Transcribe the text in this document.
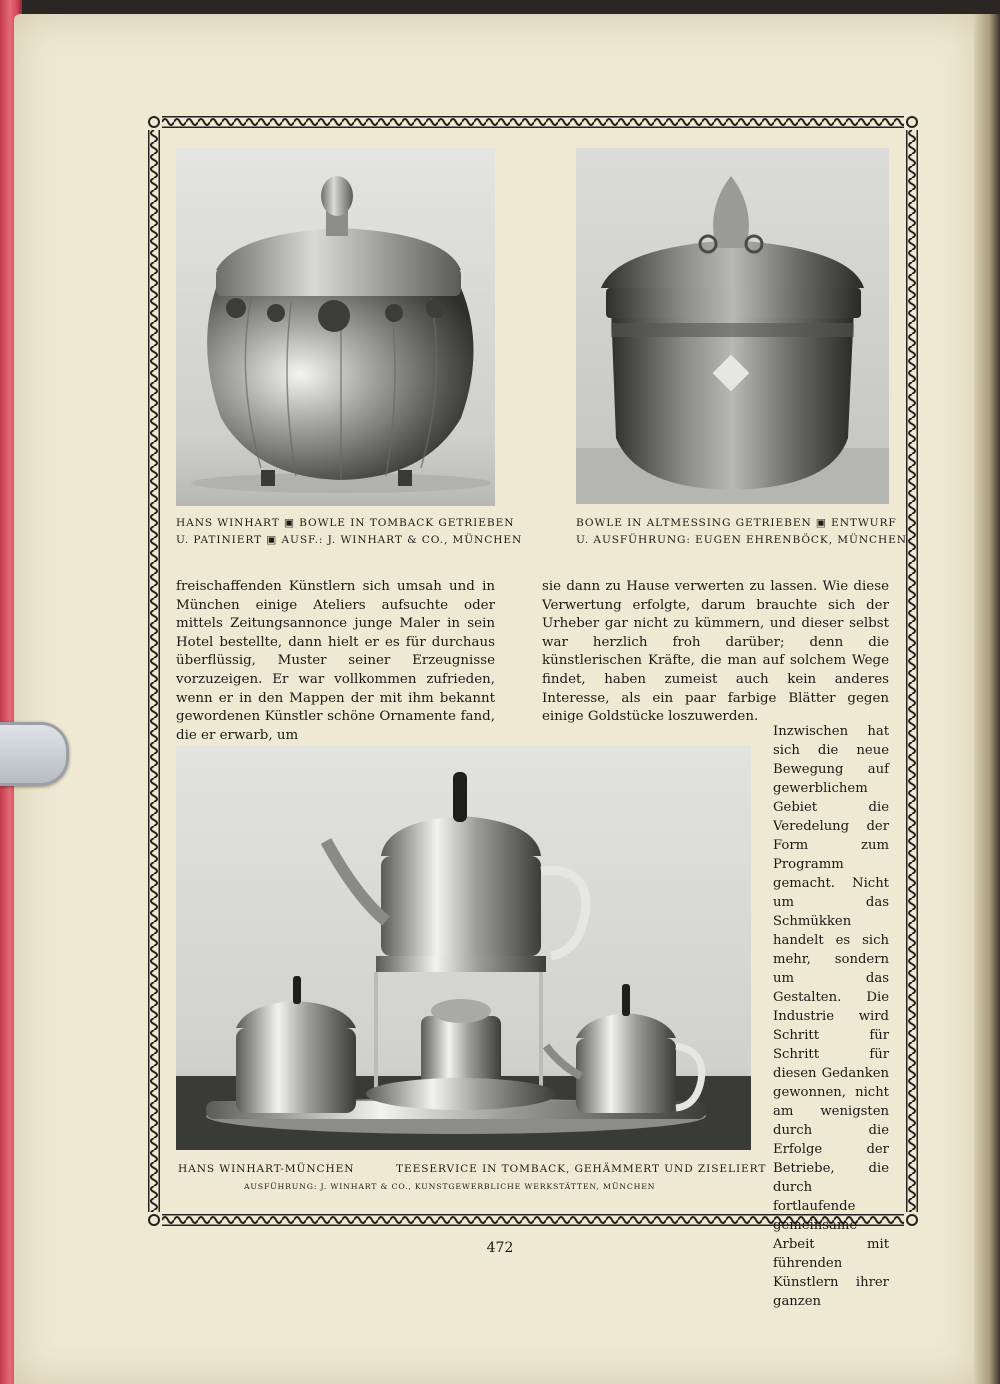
HANS WINHART ▣ BOWLE IN TOMBACK GETRIEBEN
U. PATINIERT ▣ AUSF.: J. WINHART & CO., MÜNCHEN
BOWLE IN ALTMESSING GETRIEBEN ▣ ENTWURF
U. AUSFÜHRUNG: EUGEN EHRENBÖCK, MÜNCHEN

freischaffenden Künstlern sich umsah und in München einige Ateliers aufsuchte oder mittels Zeitungsannonce junge Maler in sein Hotel bestellte, dann hielt er es für durchaus überflüssig, Muster seiner Erzeugnisse vorzuzeigen. Er war vollkommen zufrieden, wenn er in den Mappen der mit ihm bekannt gewordenen Künstler schöne Ornamente fand, die er erwarb, um

sie dann zu Hause verwerten zu lassen. Wie diese Verwertung erfolgte, darum brauchte sich der Urheber gar nicht zu kümmern, und dieser selbst war herzlich froh darüber; denn die künstlerischen Kräfte, die man auf solchem Wege findet, haben zumeist auch kein anderes Interesse, als ein paar farbige Blätter gegen einige Goldstücke loszuwerden.

Inzwischen hat sich die neue Bewegung auf gewerblichem Gebiet die Veredelung der Form zum Programm gemacht. Nicht um das Schmükken handelt es sich mehr, sondern um das Gestalten. Die Industrie wird Schritt für Schritt für diesen Gedanken gewonnen, nicht am wenigsten durch die Erfolge der Betriebe, die durch fortlaufende gemeinsame Arbeit mit führenden Künstlern ihrer ganzen

HANS WINHART-MÜNCHEN	TEESERVICE IN TOMBACK, GEHÄMMERT UND ZISELIERT
AUSFÜHRUNG: J. WINHART & CO., KUNSTGEWERBLICHE WERKSTÄTTEN, MÜNCHEN
472
